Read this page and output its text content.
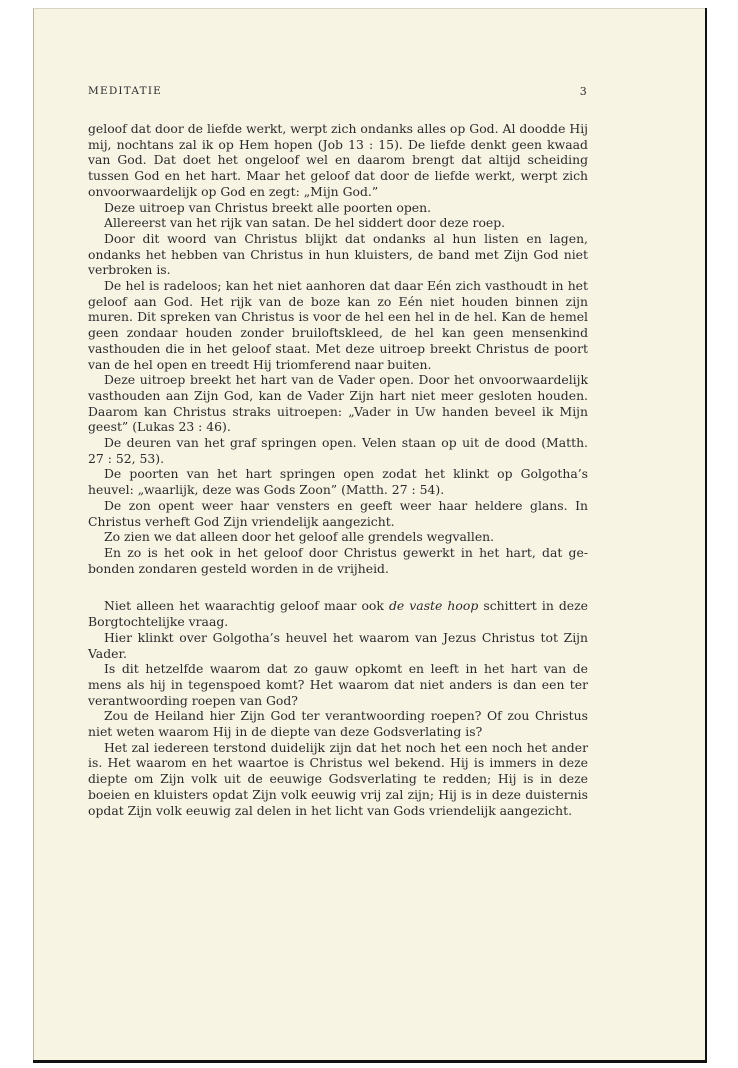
MEDITATIE	3

geloof dat door de liefde werkt, werpt zich ondanks alles op God. Al doodde Hij mij, nochtans zal ik op Hem hopen (Job 13 : 15). De liefde denkt geen kwaad van God. Dat doet het ongeloof wel en daarom brengt dat altijd scheiding tussen God en het hart. Maar het geloof dat door de liefde werkt, werpt zich onvoorwaardelijk op God en zegt: „Mijn God.”

Deze uitroep van Christus breekt alle poorten open.

Allereerst van het rijk van satan. De hel siddert door deze roep.

Door dit woord van Christus blijkt dat ondanks al hun listen en lagen, ondanks het hebben van Christus in hun kluisters, de band met Zijn God niet verbroken is.

De hel is radeloos; kan het niet aanhoren dat daar Eén zich vasthoudt in het geloof aan God. Het rijk van de boze kan zo Eén niet houden binnen zijn muren. Dit spreken van Christus is voor de hel een hel in de hel. Kan de hemel geen zondaar houden zonder bruiloftskleed, de hel kan geen mensenkind vasthouden die in het geloof staat. Met deze uitroep breekt Christus de poort van de hel open en treedt Hij triomferend naar buiten.

Deze uitroep breekt het hart van de Vader open. Door het onvoorwaardelijk vasthouden aan Zijn God, kan de Vader Zijn hart niet meer gesloten houden. Daarom kan Christus straks uitroepen: „Vader in Uw handen beveel ik Mijn geest” (Lukas 23 : 46).

De deuren van het graf springen open. Velen staan op uit de dood (Matth. 27 : 52, 53).

De poorten van het hart springen open zodat het klinkt op Golgotha’s heuvel: „waarlijk, deze was Gods Zoon” (Matth. 27 : 54).

De zon opent weer haar vensters en geeft weer haar heldere glans. In Christus verheft God Zijn vriendelijk aangezicht.

Zo zien we dat alleen door het geloof alle grendels wegvallen.

En zo is het ook in het geloof door Christus gewerkt in het hart, dat gebonden zondaren gesteld worden in de vrijheid.

Niet alleen het waarachtig geloof maar ook de vaste hoop schittert in deze Borgtochtelijke vraag.

Hier klinkt over Golgotha’s heuvel het waarom van Jezus Christus tot Zijn Vader.

Is dit hetzelfde waarom dat zo gauw opkomt en leeft in het hart van de mens als hij in tegenspoed komt? Het waarom dat niet anders is dan een ter verantwoording roepen van God?

Zou de Heiland hier Zijn God ter verantwoording roepen? Of zou Christus niet weten waarom Hij in de diepte van deze Godsverlating is?

Het zal iedereen terstond duidelijk zijn dat het noch het een noch het ander is. Het waarom en het waartoe is Christus wel bekend. Hij is immers in deze diepte om Zijn volk uit de eeuwige Godsverlating te redden; Hij is in deze boeien en kluisters opdat Zijn volk eeuwig vrij zal zijn; Hij is in deze duisternis opdat Zijn volk eeuwig zal delen in het licht van Gods vriendelijk aangezicht.
